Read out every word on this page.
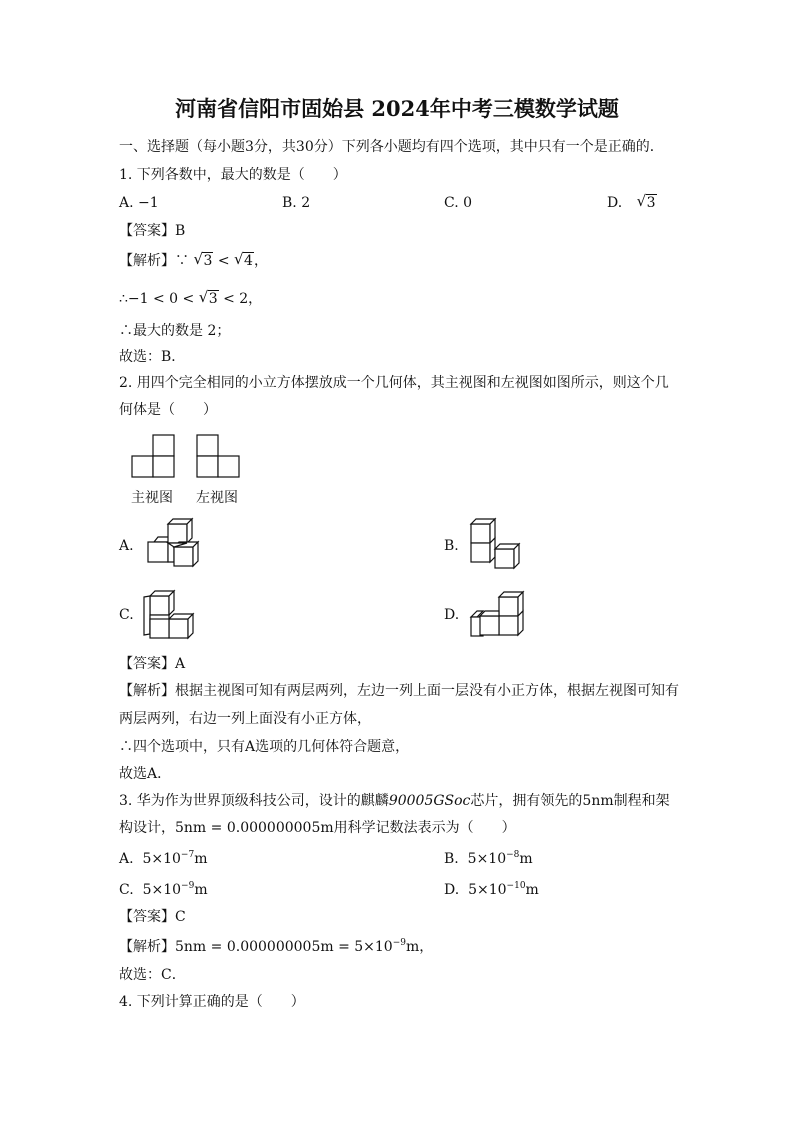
河南省信阳市固始县 2024年中考三模数学试题
一、选择题（每小题3分，共30分）下列各小题均有四个选项，其中只有一个是正确的．
1. 下列各数中，最大的数是（　　）
A. −1	B. 2	C. 0	D. √ 3
【答案】B
【解析】∵ √ 3 < √ 4，
∴−1 < 0 < √ 3 < 2，
∴最大的数是 2；
故选：B．
2. 用四个完全相同的小立方体摆放成一个几何体，其主视图和左视图如图所示，则这个几
何体是（　　）
主视图 左视图
A.	B.
C.	D.
【答案】A
【解析】根据主视图可知有两层两列，左边一列上面一层没有小正方体，根据左视图可知有
两层两列，右边一列上面没有小正方体，
∴四个选项中，只有A选项的几何体符合题意，
故选A．
3. 华为作为世界顶级科技公司，设计的麒麟90005GSoc芯片，拥有领先的5nm制程和架
构设计，5nm = 0.000000005m用科学记数法表示为（　　）
A. $5\times 10^{-7}m$	B. $5\times 10^{-8}m$
C. $5\times 10^{-9}m$	D. $5\times 10^{-10}m$
【答案】C
【解析】$5nm = 0.000000005m = 5\times 10^{-9}m$，
故选：C．
4. 下列计算正确的是（　　）
